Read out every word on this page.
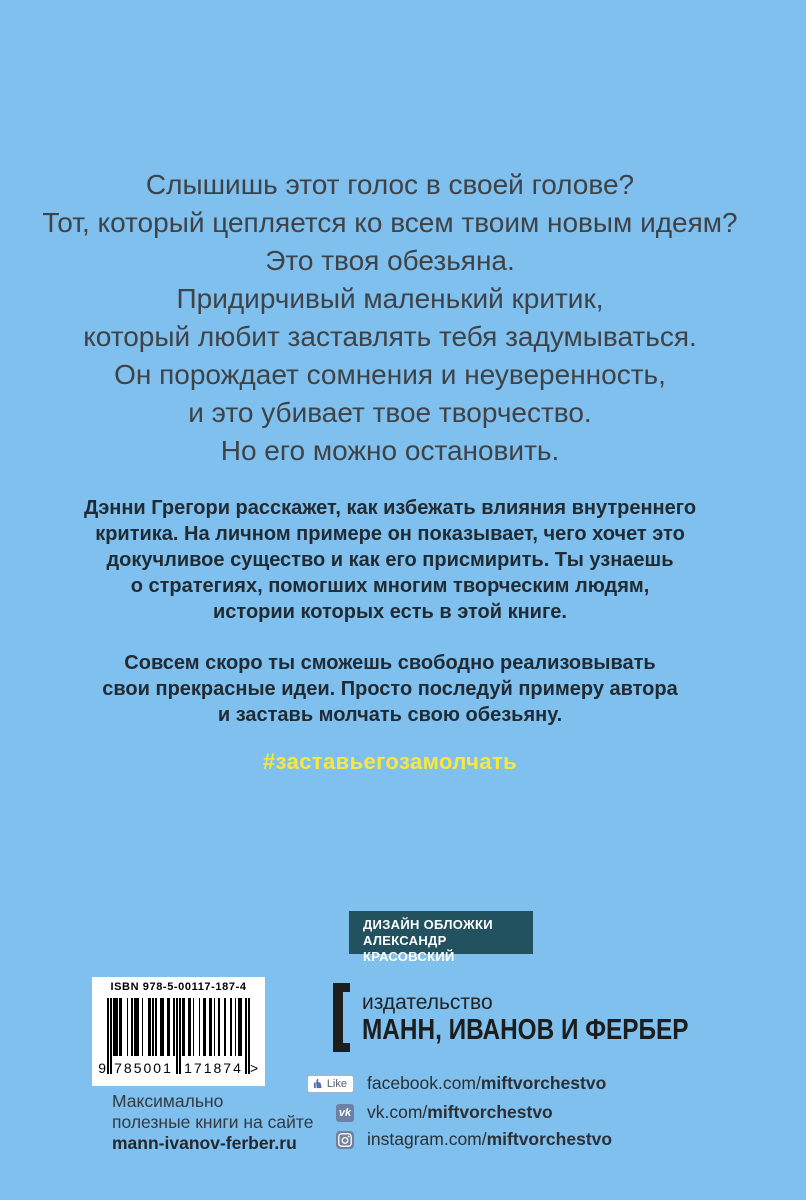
Слышишь этот голос в своей голове?
Тот, который цепляется ко всем твоим новым идеям?
Это твоя обезьяна.
Придирчивый маленький критик,
который любит заставлять тебя задумываться.
Он порождает сомнения и неуверенность,
и это убивает твое творчество.
Но его можно остановить.
Дэнни Грегори расскажет, как избежать влияния внутреннего
критика. На личном примере он показывает, чего хочет это
докучливое существо и как его присмирить. Ты узнаешь
о стратегиях, помогших многим творческим людям,
истории которых есть в этой книге.
Совсем скоро ты сможешь свободно реализовывать
свои прекрасные идеи. Просто последуй примеру автора
и заставь молчать свою обезьяну.
#заставьегозамолчать
ДИЗАЙН ОБЛОЖКИ
АЛЕКСАНДР КРАСОВСКИЙ
ISBN 978-5-00117-187-4
9 785001 171874 >
Максимально
полезные книги на сайте
mann-ivanov-ferber.ru
издательство
МАНН, ИВАНОВ И ФЕРБЕР
Like facebook.com/miftvorchestvo
vk vk.com/miftvorchestvo
instagram.com/miftvorchestvo
